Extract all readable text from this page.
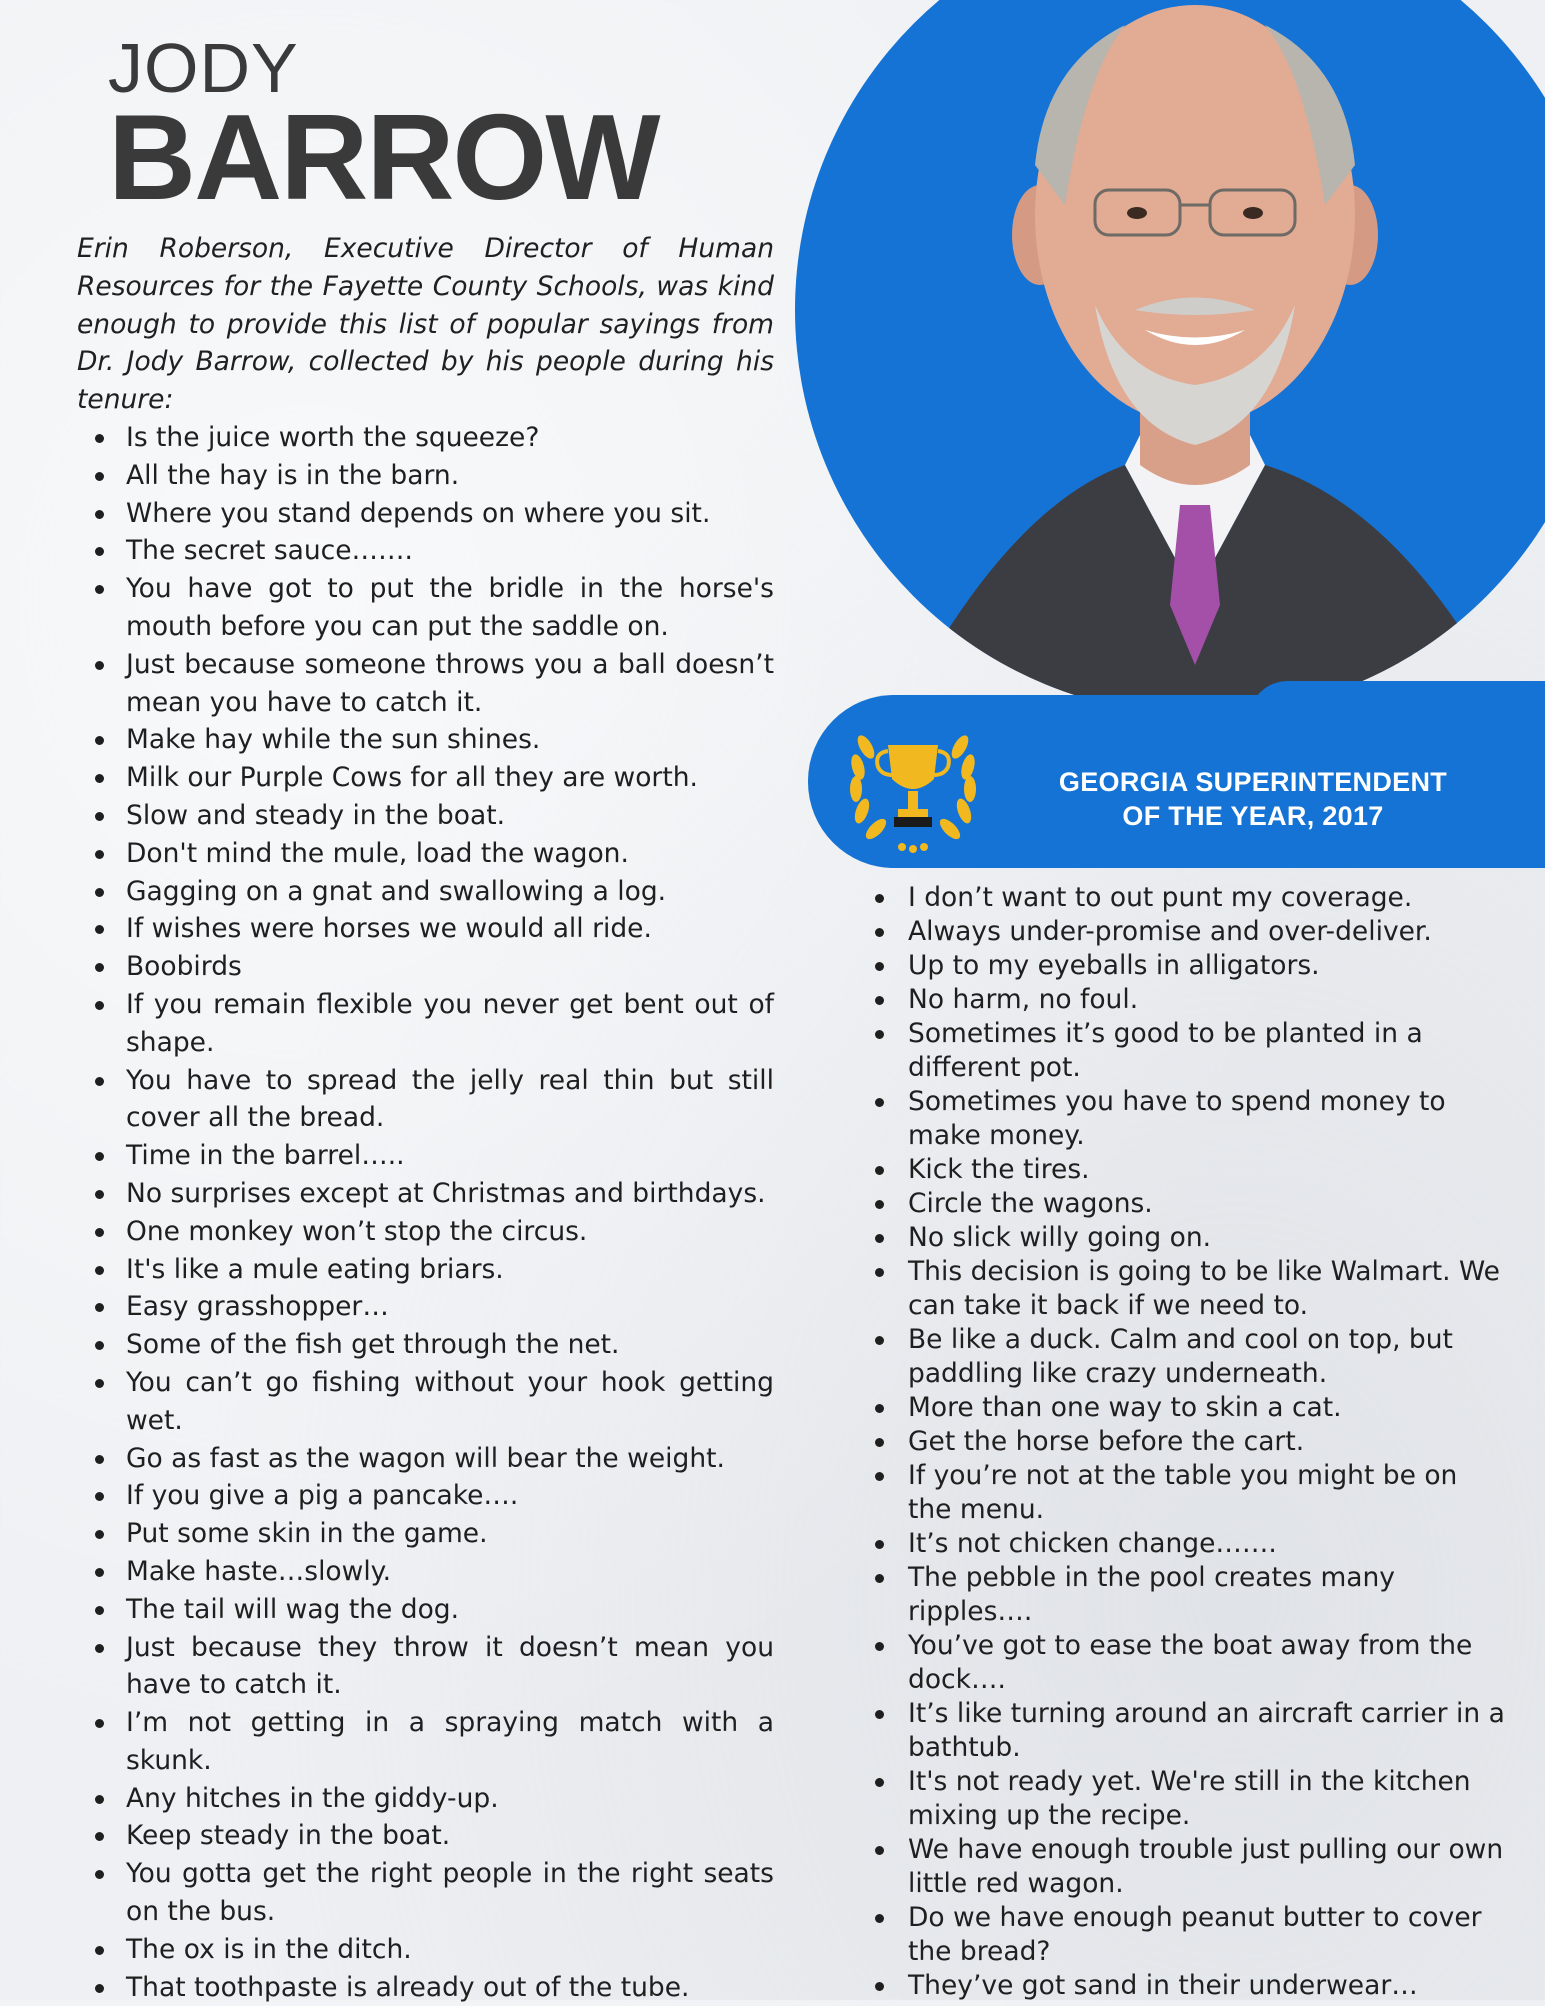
JODY
BARROW

Erin Roberson, Executive Director of Human Resources for the Fayette County Schools, was kind enough to provide this list of popular sayings from Dr. Jody Barrow, collected by his people during his tenure:

Is the juice worth the squeeze?
All the hay is in the barn.
Where you stand depends on where you sit.
The secret sauce…….
You have got to put the bridle in the horse's mouth before you can put the saddle on.
Just because someone throws you a ball doesn’t mean you have to catch it.
Make hay while the sun shines.
Milk our Purple Cows for all they are worth.
Slow and steady in the boat.
Don't mind the mule, load the wagon.
Gagging on a gnat and swallowing a log.
If wishes were horses we would all ride.
Boobirds
If you remain flexible you never get bent out of shape.
You have to spread the jelly real thin but still cover all the bread.
Time in the barrel…..
No surprises except at Christmas and birthdays.
One monkey won’t stop the circus.
It's like a mule eating briars.
Easy grasshopper…
Some of the fish get through the net.
You can’t go fishing without your hook getting wet.
Go as fast as the wagon will bear the weight.
If you give a pig a pancake….
Put some skin in the game.
Make haste…slowly.
The tail will wag the dog.
Just because they throw it doesn’t mean you have to catch it.
I’m not getting in a spraying match with a skunk.
Any hitches in the giddy-up.
Keep steady in the boat.
You gotta get the right people in the right seats on the bus.
The ox is in the ditch.
That toothpaste is already out of the tube.
GEORGIA SUPERINTENDENT
OF THE YEAR, 2017
I don’t want to out punt my coverage.
Always under-promise and over-deliver.
Up to my eyeballs in alligators.
No harm, no foul.
Sometimes it’s good to be planted in a different pot.
Sometimes you have to spend money to make money.
Kick the tires.
Circle the wagons.
No slick willy going on.
This decision is going to be like Walmart. We can take it back if we need to.
Be like a duck. Calm and cool on top, but paddling like crazy underneath.
More than one way to skin a cat.
Get the horse before the cart.
If you’re not at the table you might be on the menu.
It’s not chicken change…….
The pebble in the pool creates many ripples….
You’ve got to ease the boat away from the dock….
It’s like turning around an aircraft carrier in a bathtub.
It's not ready yet. We're still in the kitchen mixing up the recipe.
We have enough trouble just pulling our own little red wagon.
Do we have enough peanut butter to cover the bread?
They’ve got sand in their underwear…
